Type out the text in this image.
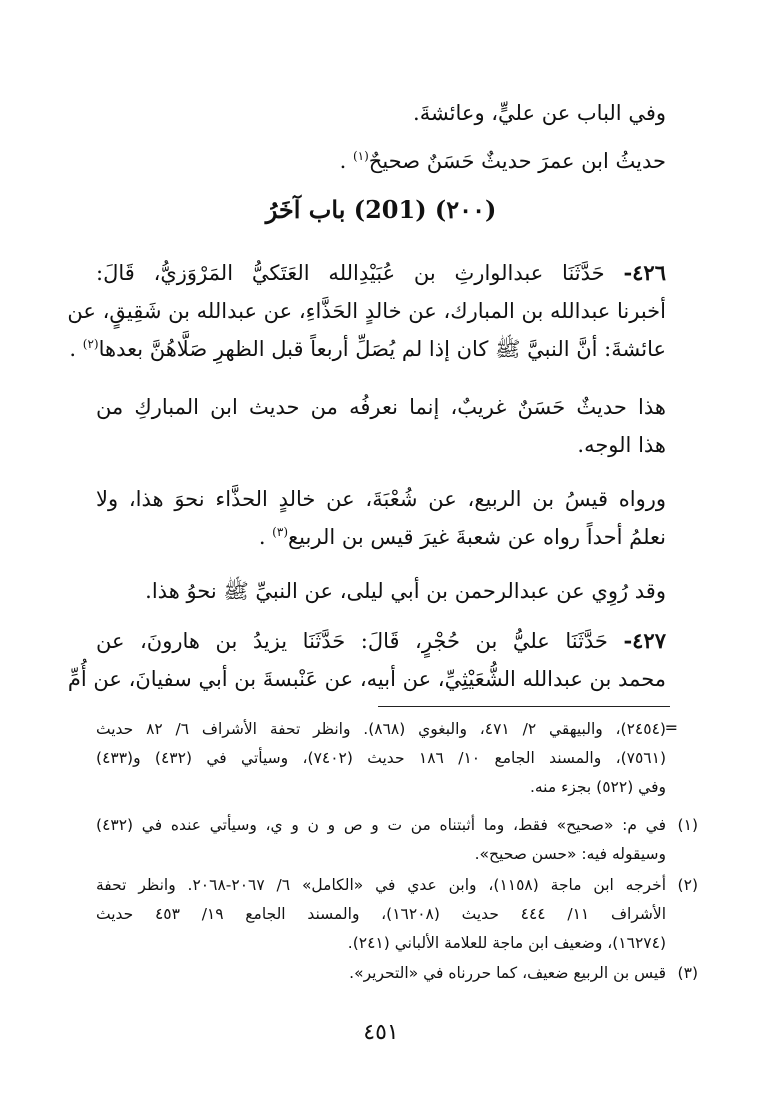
وفي الباب عن عليٍّ، وعائشةَ.
حديثُ ابن عمرَ حديثٌ حَسَنٌ صحيحٌ$^{(١)}$ .
(٢٠٠) (201) باب آخَرُ
٤٢٦- حَدَّثَنَا عبدالوارثِ بن عُبَيْدِالله العَتَكيُّ المَرْوَزيُّ، قَالَ:
أخبرنا عبدالله بن المبارك، عن خالدٍ الحَذَّاءِ، عن عبدالله بن شَقِيقٍ، عن
عائشةَ: أنَّ النبيَّ ﷺ كان إذا لم يُصَلِّ أربعاً قبل الظهرِ صَلَّاهُنَّ بعدها$^{(٢)}$ .
هذا حديثٌ حَسَنٌ غريبٌ، إنما نعرفُه من حديث ابن المباركِ من
هذا الوجه.
ورواه قيسُ بن الربيع، عن شُعْبَةَ، عن خالدٍ الحذَّاء نحوَ هذا، ولا
نعلمُ أحداً رواه عن شعبةَ غيرَ قيس بن الربيع$^{(٣)}$ .
وقد رُوِي عن عبدالرحمن بن أبي ليلى، عن النبيِّ ﷺ نحوُ هذا.
٤٢٧- حَدَّثَنَا عليُّ بن حُجْرٍ، قَالَ: حَدَّثَنَا يزيدُ بن هارونَ، عن
محمد بن عبدالله الشُّعَيْثِيِّ، عن أبيه، عن عَنْبسةَ بن أبي سفيانَ، عن أُمِّ
=
(٢٤٥٤)، والبيهقي ٢/ ٤٧١، والبغوي (٨٦٨). وانظر تحفة الأشراف ٦/ ٨٢ حديث
(٧٥٦١)، والمسند الجامع ١٠/ ١٨٦ حديث (٧٤٠٢)، وسيأتي في (٤٣٢) و(٤٣٣)
وفي (٥٢٢) بجزء منه.
(١)
في م: «صحيح» فقط، وما أثبتناه من ت و ص و ن و ي، وسيأتي عنده في (٤٣٢)
وسيقوله فيه: «حسن صحيح».
(٢)
أخرجه ابن ماجة (١١٥٨)، وابن عدي في «الكامل» ٦/ ٢٠٦٧-٢٠٦٨. وانظر تحفة
الأشراف ١١/ ٤٤٤ حديث (١٦٢٠٨)، والمسند الجامع ١٩/ ٤٥٣ حديث
(١٦٢٧٤)، وضعيف ابن ماجة للعلامة الألباني (٢٤١).
(٣)
قيس بن الربيع ضعيف، كما حررناه في «التحرير».
٤٥١
